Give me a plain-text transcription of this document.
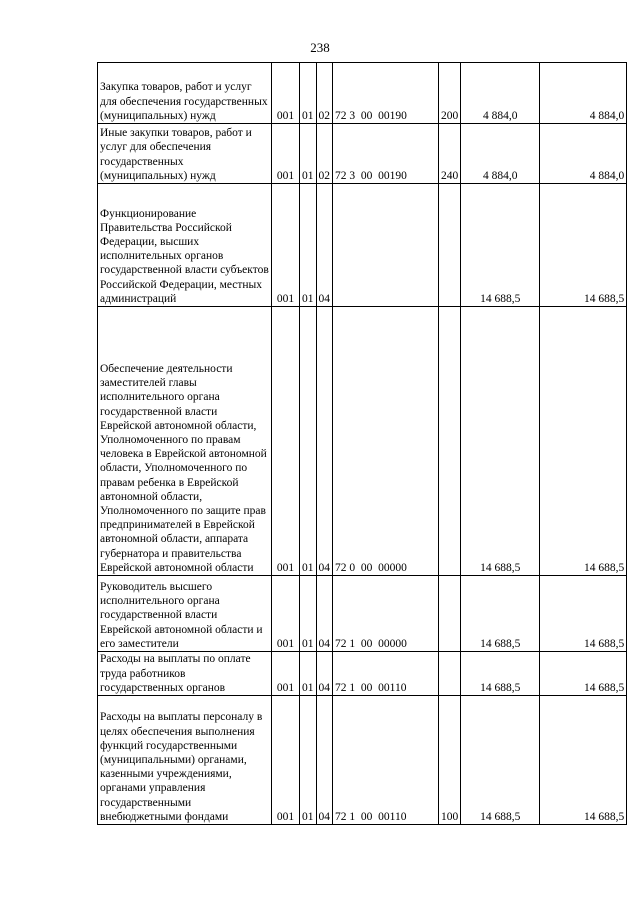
238
Закупка товаров, работ и услуг для обеспечения государственных (муниципальных) нужд	001	01	02	72 3  00  00190	200	4 884,0	4 884,0
Иные закупки товаров, работ и услуг для обеспечения государственных (муниципальных) нужд	001	01	02	72 3  00  00190	240	4 884,0	4 884,0
Функционирование Правительства Российской Федерации, высших исполнительных органов государственной власти субъектов Российской Федерации, местных администраций	001	01	04			14 688,5	14 688,5
Обеспечение деятельности заместителей главы исполнительного органа государственной власти Еврейской автономной области, Уполномоченного по правам человека в Еврейской автономной области, Уполномоченного по правам ребенка в Еврейской автономной области, Уполномоченного по защите прав предпринимателей в Еврейской автономной области, аппарата губернатора и правительства Еврейской автономной области	001	01	04	72 0  00  00000		14 688,5	14 688,5
Руководитель высшего исполнительного органа государственной власти Еврейской автономной области и его заместители	001	01	04	72 1  00  00000		14 688,5	14 688,5
Расходы на выплаты по оплате труда работников государственных органов	001	01	04	72 1  00  00110		14 688,5	14 688,5
Расходы на выплаты персоналу в целях обеспечения выполнения функций государственными (муниципальными) органами, казенными учреждениями, органами управления государственными внебюджетными фондами	001	01	04	72 1  00  00110	100	14 688,5	14 688,5
